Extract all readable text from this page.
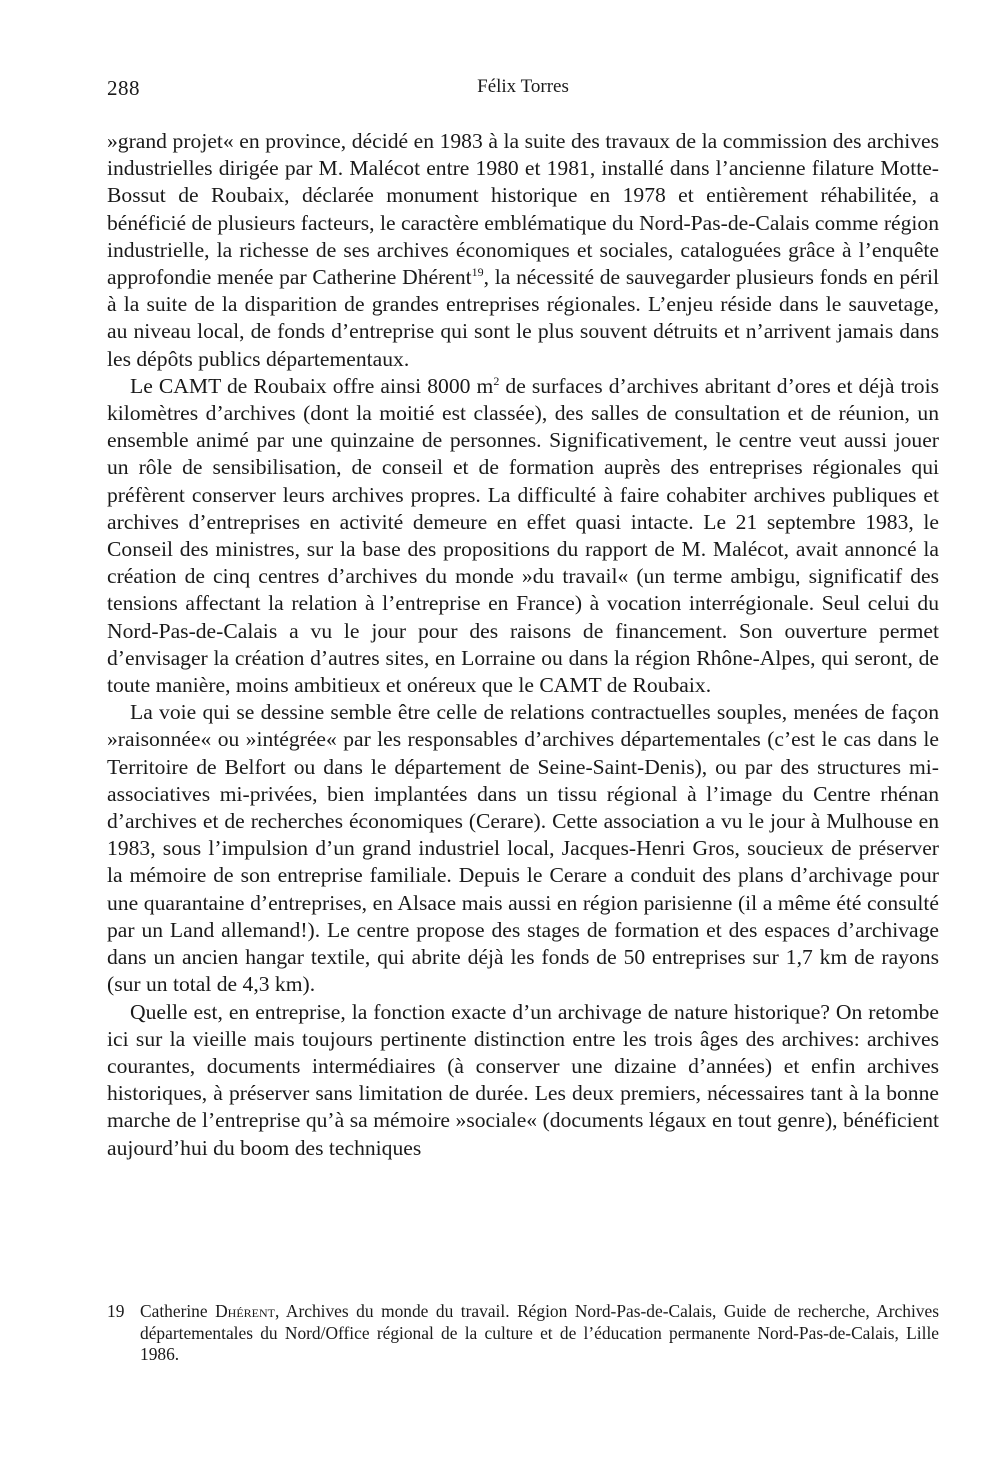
288	Félix Torres

»grand projet« en province, décidé en 1983 à la suite des travaux de la commission des archives industrielles dirigée par M. Malécot entre 1980 et 1981, installé dans l’ancienne filature Motte-Bossut de Roubaix, déclarée monument historique en 1978 et entièrement réhabilitée, a bénéficié de plusieurs facteurs, le caractère emblématique du Nord-Pas-de-Calais comme région industrielle, la richesse de ses archives économiques et sociales, cataloguées grâce à l’enquête approfondie menée par Catherine Dhérent$^{19}$, la nécessité de sauvegarder plusieurs fonds en péril à la suite de la disparition de grandes entreprises régionales. L’enjeu réside dans le sauvetage, au niveau local, de fonds d’entreprise qui sont le plus souvent détruits et n’arrivent jamais dans les dépôts publics départementaux.

Le CAMT de Roubaix offre ainsi 8000 $m^2$ de surfaces d’archives abritant d’ores et déjà trois kilomètres d’archives (dont la moitié est classée), des salles de consultation et de réunion, un ensemble animé par une quinzaine de personnes. Significativement, le centre veut aussi jouer un rôle de sensibilisation, de conseil et de formation auprès des entreprises régionales qui préfèrent conserver leurs archives propres. La difficulté à faire cohabiter archives publiques et archives d’entreprises en activité demeure en effet quasi intacte. Le 21 septembre 1983, le Conseil des ministres, sur la base des propositions du rapport de M. Malécot, avait annoncé la création de cinq centres d’archives du monde »du travail« (un terme ambigu, significatif des tensions affectant la relation à l’entreprise en France) à vocation interrégionale. Seul celui du Nord-Pas-de-Calais a vu le jour pour des raisons de financement. Son ouverture permet d’envisager la création d’autres sites, en Lorraine ou dans la région Rhône-Alpes, qui seront, de toute manière, moins ambitieux et onéreux que le CAMT de Roubaix.

La voie qui se dessine semble être celle de relations contractuelles souples, menées de façon »raisonnée« ou »intégrée« par les responsables d’archives départementales (c’est le cas dans le Territoire de Belfort ou dans le département de Seine-Saint-Denis), ou par des structures mi-associatives mi-privées, bien implantées dans un tissu régional à l’image du Centre rhénan d’archives et de recherches économiques (Cerare). Cette association a vu le jour à Mulhouse en 1983, sous l’impulsion d’un grand industriel local, Jacques-Henri Gros, soucieux de préserver la mémoire de son entreprise familiale. Depuis le Cerare a conduit des plans d’archivage pour une quarantaine d’entreprises, en Alsace mais aussi en région parisienne (il a même été consulté par un Land allemand!). Le centre propose des stages de formation et des espaces d’archivage dans un ancien hangar textile, qui abrite déjà les fonds de 50 entreprises sur 1,7 km de rayons (sur un total de 4,3 km).

Quelle est, en entreprise, la fonction exacte d’un archivage de nature historique? On retombe ici sur la vieille mais toujours pertinente distinction entre les trois âges des archives: archives courantes, documents intermédiaires (à conserver une dizaine d’années) et enfin archives historiques, à préserver sans limitation de durée. Les deux premiers, nécessaires tant à la bonne marche de l’entreprise qu’à sa mémoire »sociale« (documents légaux en tout genre), bénéficient aujourd’hui du boom des techniques

19 Catherine Dhérent, Archives du monde du travail. Région Nord-Pas-de-Calais, Guide de recherche, Archives départementales du Nord/Office régional de la culture et de l’éducation permanente Nord-Pas-de-Calais, Lille 1986.
